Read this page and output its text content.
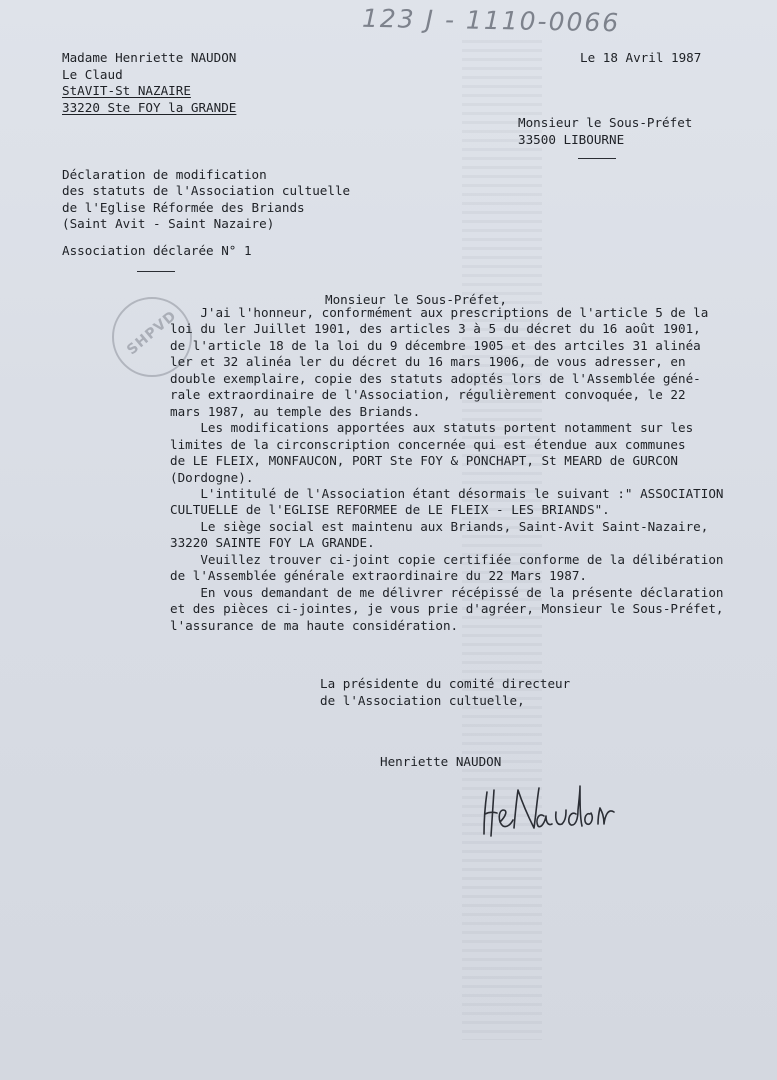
123 J - 1110-0066
Madame Henriette NAUDON
Le Claud
StAVIT-St NAZAIRE
33220 Ste FOY la GRANDE
Le 18 Avril 1987
Monsieur le Sous-Préfet
33500 LIBOURNE
Déclaration de modification
des statuts de l'Association cultuelle
de l'Eglise Réformée des Briands
(Saint Avit - Saint Nazaire)
Association déclarée N° 1
SHPVD
Monsieur le Sous-Préfet,
J'ai l'honneur, conformément aux prescriptions de l'article 5 de la
loi du ler Juillet 1901, des articles 3 à 5 du décret du 16 août 1901,
de l'article 18 de la loi du 9 décembre 1905 et des artciles 31 alinéa
ler et 32 alinéa ler du décret du 16 mars 1906, de vous adresser, en
double exemplaire, copie des statuts adoptés lors de l'Assemblée géné-
rale extraordinaire de l'Association, régulièrement convoquée, le 22
mars 1987, au temple des Briands.
Les modifications apportées aux statuts portent notamment sur les
limites de la circonscription concernée qui est étendue aux communes
de LE FLEIX, MONFAUCON, PORT Ste FOY & PONCHAPT, St MEARD de GURCON
(Dordogne).
L'intitulé de l'Association étant désormais le suivant :" ASSOCIATION
CULTUELLE de l'EGLISE REFORMEE de LE FLEIX - LES BRIANDS".
Le siège social est maintenu aux Briands, Saint-Avit Saint-Nazaire,
33220 SAINTE FOY LA GRANDE.
Veuillez trouver ci-joint copie certifiée conforme de la délibération
de l'Assemblée générale extraordinaire du 22 Mars 1987.
En vous demandant de me délivrer récépissé de la présente déclaration
et des pièces ci-jointes, je vous prie d'agréer, Monsieur le Sous-Préfet,
l'assurance de ma haute considération.
La présidente du comité directeur
de l'Association cultuelle,
Henriette NAUDON
